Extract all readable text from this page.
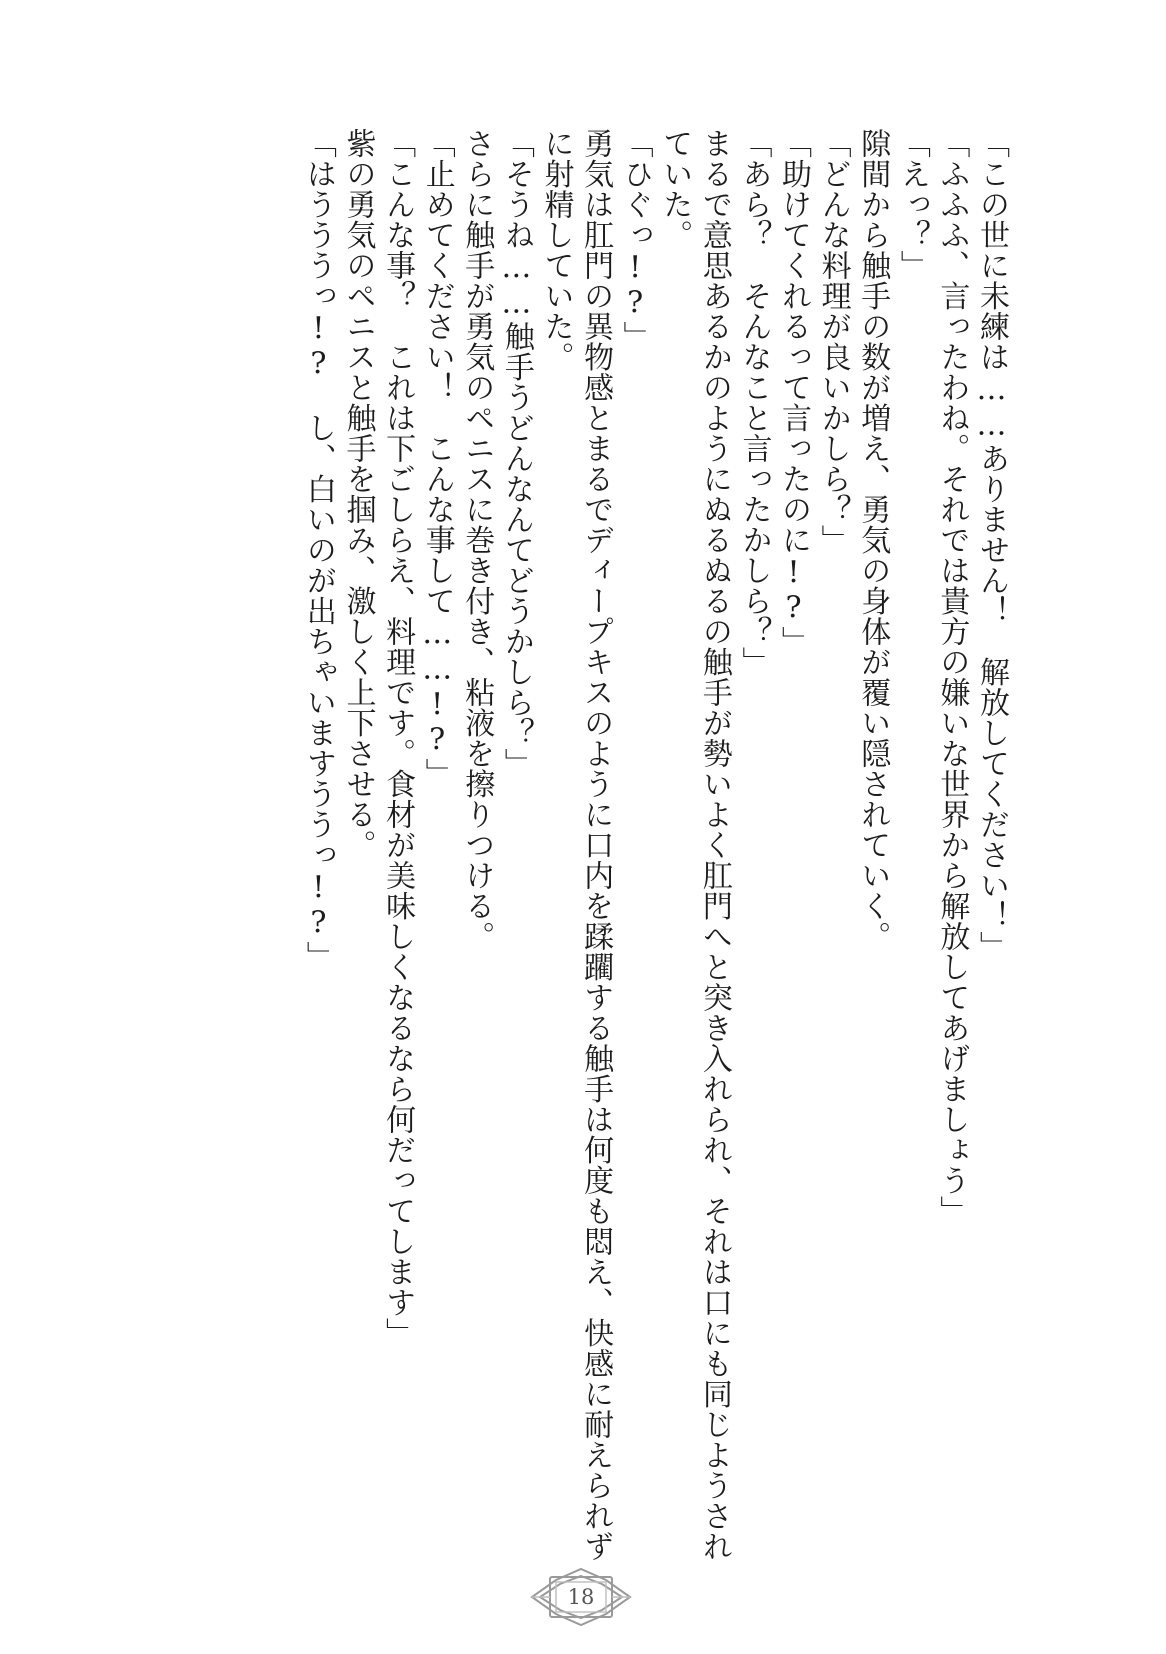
「この世に未練は……ありません！　解放してください！」
「ふふふ、言ったわね。それでは貴方の嫌いな世界から解放してあげましょう」
「えっ？」
隙間から触手の数が増え、勇気の身体が覆い隠されていく。
「どんな料理が良いかしら？」
「助けてくれるって言ったのに!?」
「あら？　そんなこと言ったかしら？」
まるで意思あるかのようにぬるぬるの触手が勢いよく肛門へと突き入れられ、それは口にも同じようされ
ていた。
「ひぐっ!?」
勇気は肛門の異物感とまるでディープキスのように口内を蹂躙する触手は何度も悶え、快感に耐えられず
に射精していた。
「そうね……触手うどんなんてどうかしら？」
さらに触手が勇気のペニスに巻き付き、粘液を擦りつける。
「止めてください！　こんな事して……!?」
「こんな事？　これは下ごしらえ、料理です。食材が美味しくなるなら何だってします」
紫の勇気のペニスと触手を掴み、激しく上下させる。
「はうううっ!?　し、白いのが出ちゃいますううっ!?」
18
